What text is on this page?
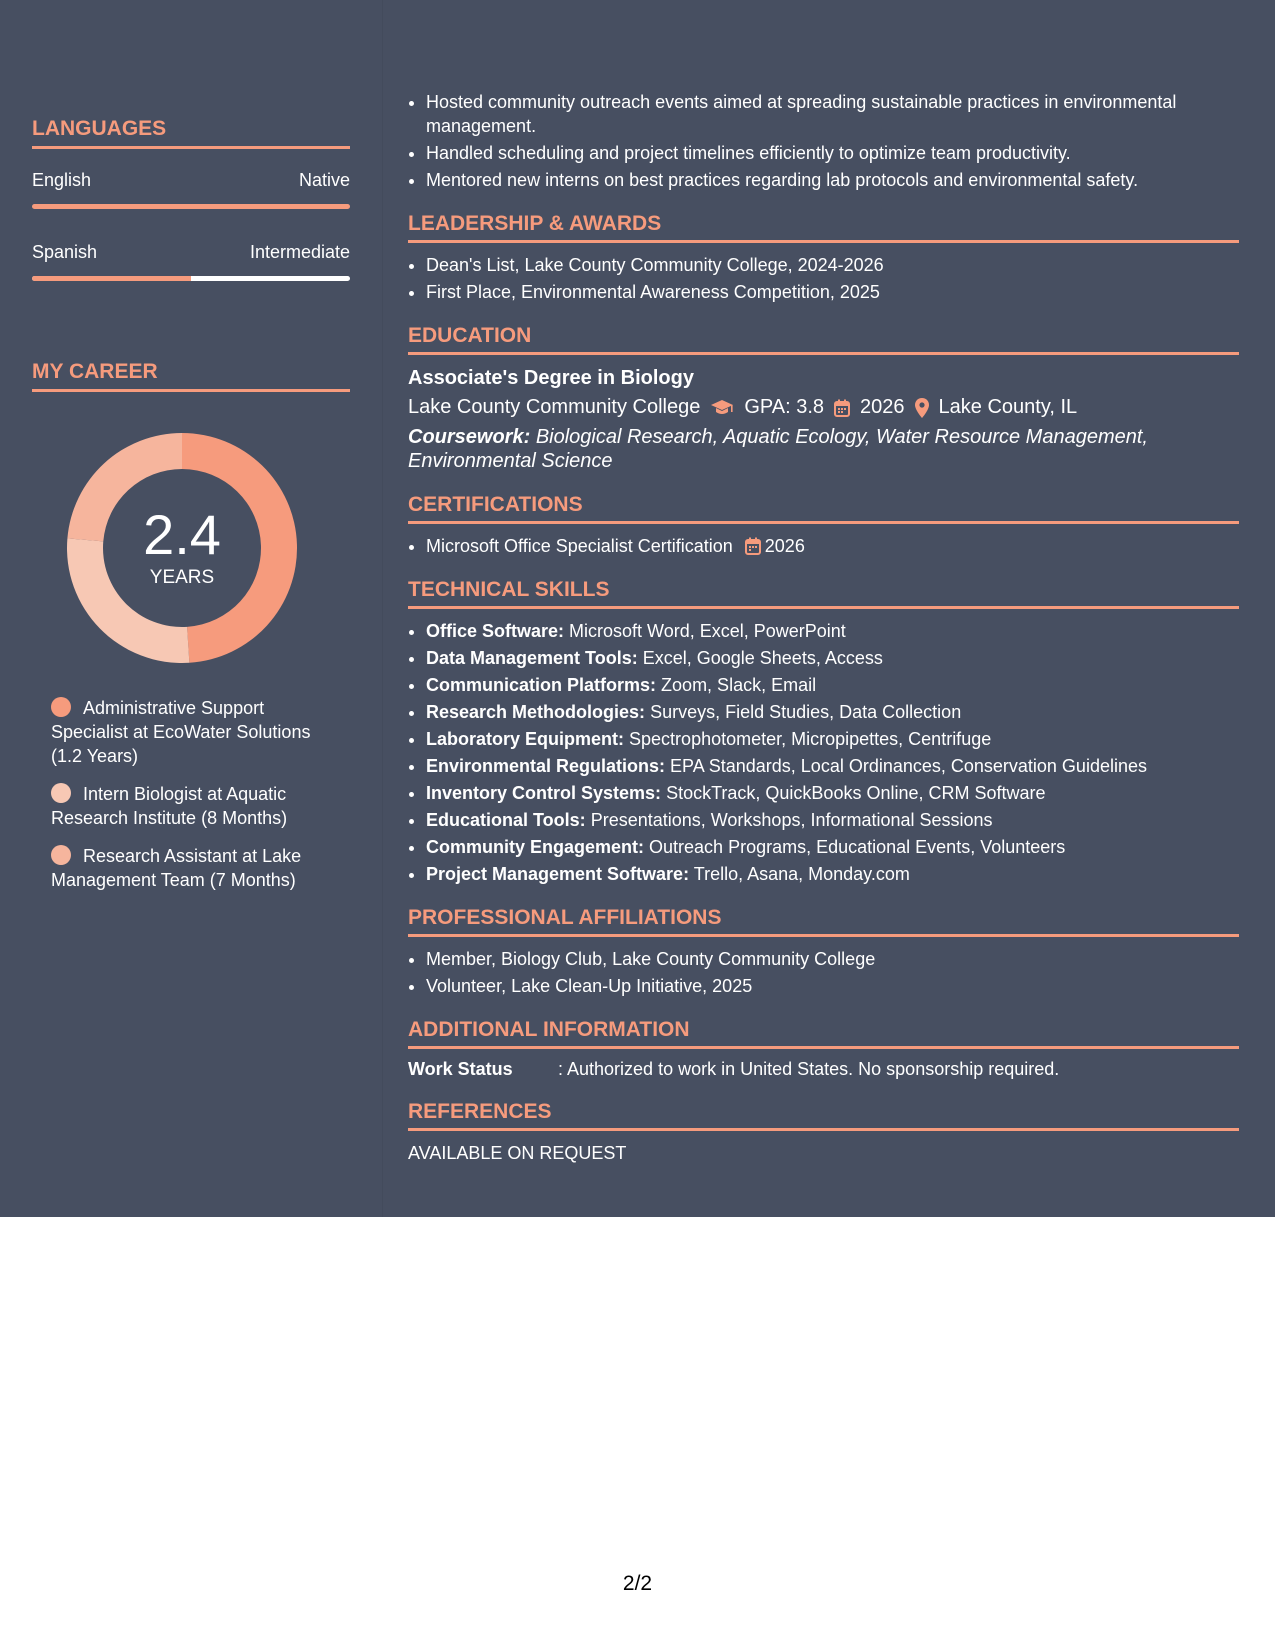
LANGUAGES
English	Native
Spanish	Intermediate
MY CAREER
2.4
YEARS
Administrative Support Specialist at EcoWater Solutions (1.2 Years)
Intern Biologist at Aquatic Research Institute (8 Months)
Research Assistant at Lake Management Team (7 Months)
• Hosted community outreach events aimed at spreading sustainable practices in environmental management.
• Handled scheduling and project timelines efficiently to optimize team productivity.
• Mentored new interns on best practices regarding lab protocols and environmental safety.
LEADERSHIP & AWARDS
• Dean's List, Lake County Community College, 2024-2026
• First Place, Environmental Awareness Competition, 2025
EDUCATION
Associate's Degree in Biology
Lake County Community College GPA: 3.8 2026 Lake County, IL
Coursework: Biological Research, Aquatic Ecology, Water Resource Management, Environmental Science
CERTIFICATIONS
• Microsoft Office Specialist Certification 2026
TECHNICAL SKILLS
• Office Software: Microsoft Word, Excel, PowerPoint
• Data Management Tools: Excel, Google Sheets, Access
• Communication Platforms: Zoom, Slack, Email
• Research Methodologies: Surveys, Field Studies, Data Collection
• Laboratory Equipment: Spectrophotometer, Micropipettes, Centrifuge
• Environmental Regulations: EPA Standards, Local Ordinances, Conservation Guidelines
• Inventory Control Systems: StockTrack, QuickBooks Online, CRM Software
• Educational Tools: Presentations, Workshops, Informational Sessions
• Community Engagement: Outreach Programs, Educational Events, Volunteers
• Project Management Software: Trello, Asana, Monday.com
PROFESSIONAL AFFILIATIONS
• Member, Biology Club, Lake County Community College
• Volunteer, Lake Clean-Up Initiative, 2025
ADDITIONAL INFORMATION
Work Status	: Authorized to work in United States. No sponsorship required.
REFERENCES
AVAILABLE ON REQUEST
2/2
